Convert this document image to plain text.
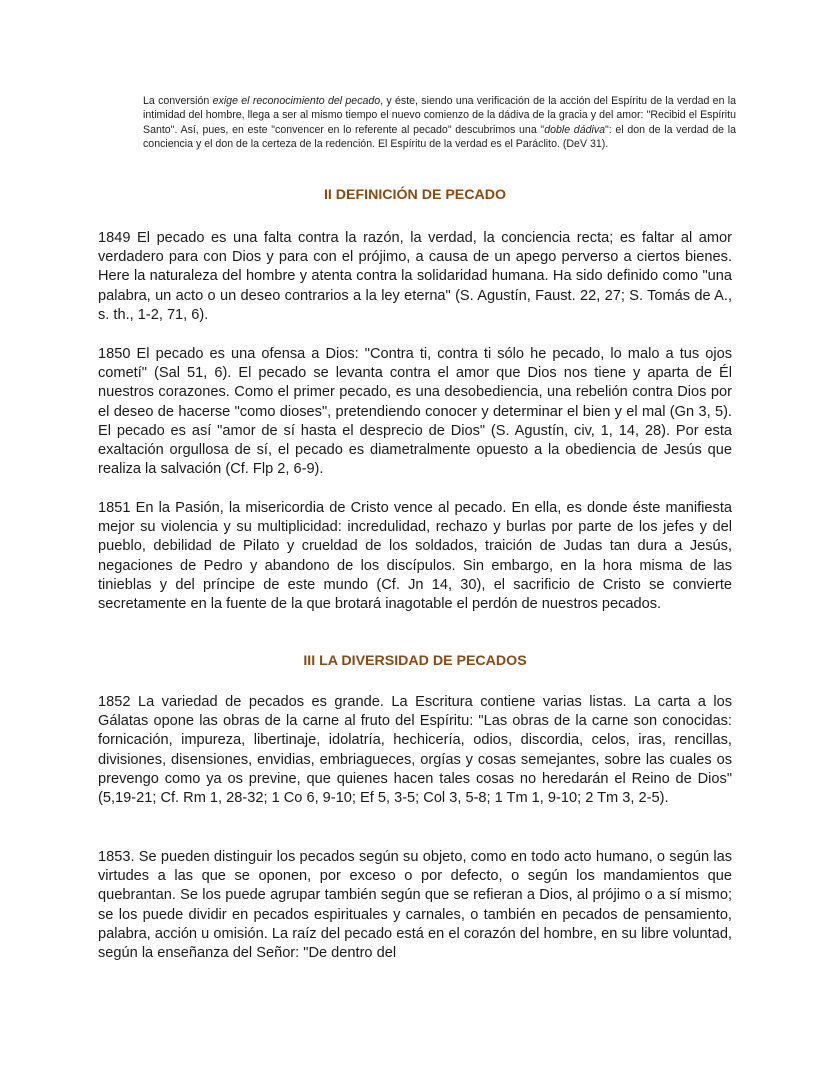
La conversión exige el reconocimiento del pecado, y éste, siendo una verificación de la acción del Espíritu de la verdad en la intimidad del hombre, llega a ser al mismo tiempo el nuevo comienzo de la dádiva de la gracia y del amor: "Recibid el Espíritu Santo". Así, pues, en este "convencer en lo referente al pecado" descubrimos una "doble dádiva": el don de la verdad de la conciencia y el don de la certeza de la redención. El Espíritu de la verdad es el Paráclito. (DeV 31).

II DEFINICIÓN DE PECADO

1849 El pecado es una falta contra la razón, la verdad, la conciencia recta; es faltar al amor verdadero para con Dios y para con el prójimo, a causa de un apego perverso a ciertos bienes. Here la naturaleza del hombre y atenta contra la solidaridad humana. Ha sido definido como "una palabra, un acto o un deseo contrarios a la ley eterna" (S. Agustín, Faust. 22, 27; S. Tomás de A., s. th., 1-2, 71, 6).

1850 El pecado es una ofensa a Dios: "Contra ti, contra ti sólo he pecado, lo malo a tus ojos cometí" (Sal 51, 6). El pecado se levanta contra el amor que Dios nos tiene y aparta de Él nuestros corazones. Como el primer pecado, es una desobediencia, una rebelión contra Dios por el deseo de hacerse "como dioses", pretendiendo conocer y determinar el bien y el mal (Gn 3, 5). El pecado es así "amor de sí hasta el desprecio de Dios" (S. Agustín, civ, 1, 14, 28). Por esta exaltación orgullosa de sí, el pecado es diametralmente opuesto a la obediencia de Jesús que realiza la salvación (Cf. Flp 2, 6-9).

1851 En la Pasión, la misericordia de Cristo vence al pecado. En ella, es donde éste manifiesta mejor su violencia y su multiplicidad: incredulidad, rechazo y burlas por parte de los jefes y del pueblo, debilidad de Pilato y crueldad de los soldados, traición de Judas tan dura a Jesús, negaciones de Pedro y abandono de los discípulos. Sin embargo, en la hora misma de las tinieblas y del príncipe de este mundo (Cf. Jn 14, 30), el sacrificio de Cristo se convierte secretamente en la fuente de la que brotará inagotable el perdón de nuestros pecados.

III LA DIVERSIDAD DE PECADOS

1852 La variedad de pecados es grande. La Escritura contiene varias listas. La carta a los Gálatas opone las obras de la carne al fruto del Espíritu: "Las obras de la carne son conocidas: fornicación, impureza, libertinaje, idolatría, hechicería, odios, discordia, celos, iras, rencillas, divisiones, disensiones, envidias, embriagueces, orgías y cosas semejantes, sobre las cuales os prevengo como ya os previne, que quienes hacen tales cosas no heredarán el Reino de Dios" (5,19-21; Cf. Rm 1, 28-32; 1 Co 6, 9-10; Ef 5, 3-5; Col 3, 5-8; 1 Tm 1, 9-10; 2 Tm 3, 2-5).

1853. Se pueden distinguir los pecados según su objeto, como en todo acto humano, o según las virtudes a las que se oponen, por exceso o por defecto, o según los mandamientos que quebrantan. Se los puede agrupar también según que se refieran a Dios, al prójimo o a sí mismo; se los puede dividir en pecados espirituales y carnales, o también en pecados de pensamiento, palabra, acción u omisión. La raíz del pecado está en el corazón del hombre, en su libre voluntad, según la enseñanza del Señor: "De dentro del
